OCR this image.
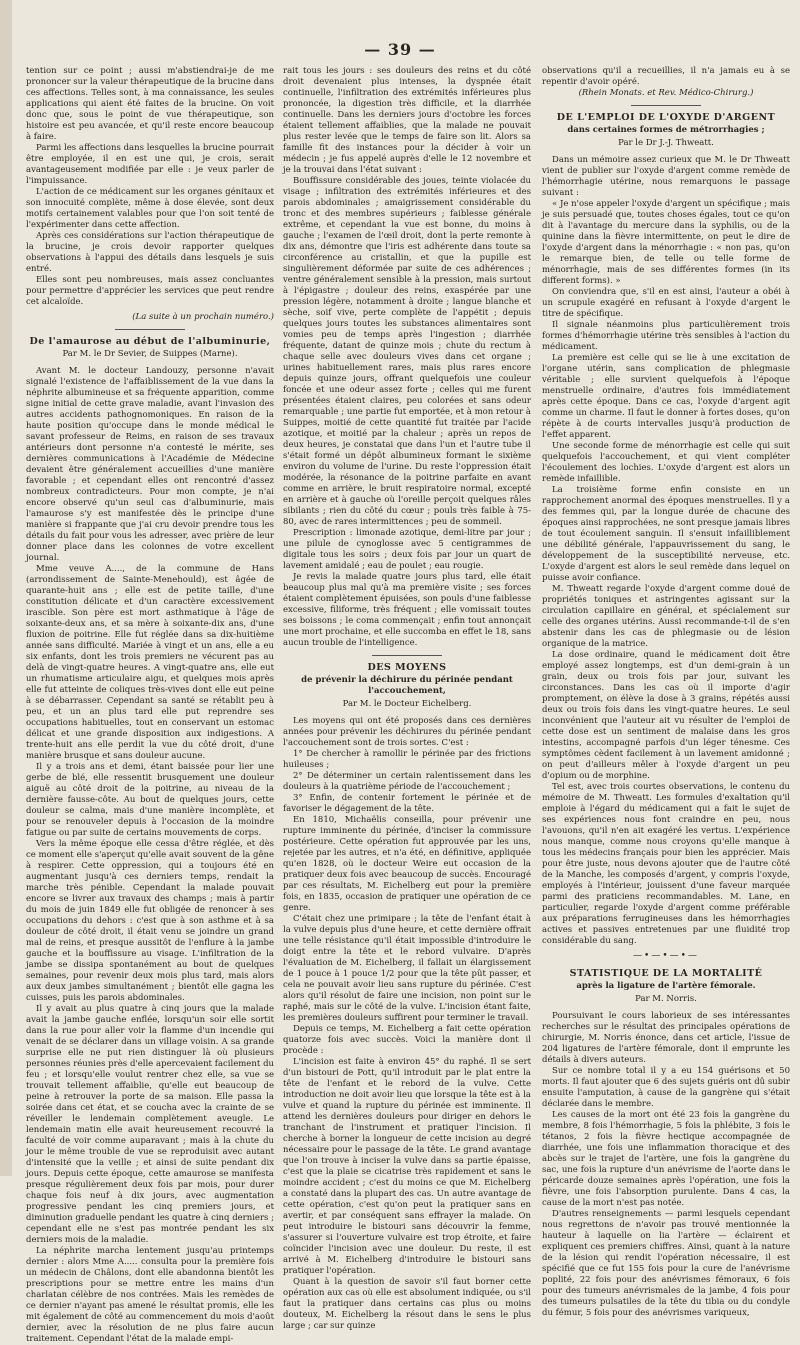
— 39 —

tention sur ce point ; aussi m'abstiendrai-je de me prononcer sur la valeur thérapeutique de la brucine dans ces affections. Telles sont, à ma connaissance, les seules applications qui aient été faites de la brucine. On voit donc que, sous le point de vue thérapeutique, son histoire est peu avancée, et qu'il reste encore beaucoup à faire.

Parmi les affections dans lesquelles la brucine pourrait être employée, il en est une qui, je crois, serait avantageusement modifiée par elle : je veux parler de l'impuissance.

L'action de ce médicament sur les organes génitaux et son innocuité complète, même à dose élevée, sont deux motifs certainement valables pour que l'on soit tenté de l'expérimenter dans cette affection.

Après ces considérations sur l'action thérapeutique de la brucine, je crois devoir rapporter quelques observations à l'appui des détails dans lesquels je suis entré.

Elles sont peu nombreuses, mais assez concluantes pour permettre d'apprécier les services que peut rendre cet alcaloïde.

(La suite à un prochain numéro.)
De l'amaurose au début de l'albuminurie,
Par M. le Dr Sevier, de Suippes (Marne).

Avant M. le docteur Landouzy, personne n'avait signalé l'existence de l'affaiblissement de la vue dans la néphrite albumineuse et sa fréquente apparition, comme signe initial de cette grave maladie, avant l'invasion des autres accidents pathognomoniques. En raison de la haute position qu'occupe dans le monde médical le savant professeur de Reims, en raison de ses travaux antérieurs dont personne n'a contesté le mérite, ses dernières communications à l'Académie de Médecine devaient être généralement accueillies d'une manière favorable ; et cependant elles ont rencontré d'assez nombreux contradicteurs. Pour mon compte, je n'ai encore observé qu'un seul cas d'albuminurie, mais l'amaurose s'y est manifestée dès le principe d'une manière si frappante que j'ai cru devoir prendre tous les détails du fait pour vous les adresser, avec prière de leur donner place dans les colonnes de votre excellent journal.

Mme veuve A...., de la commune de Hans (arrondissement de Sainte-Menehould), est âgée de quarante-huit ans ; elle est de petite taille, d'une constitution délicate et d'un caractère excessivement irascible. Son père est mort asthmatique à l'âge de soixante-deux ans, et sa mère à soixante-dix ans, d'une fluxion de poitrine. Elle fut réglée dans sa dix-huitième année sans difficulté. Mariée à vingt et un ans, elle a eu six enfants, dont les trois premiers ne vécurent pas au delà de vingt-quatre heures. A vingt-quatre ans, elle eut un rhumatisme articulaire aigu, et quelques mois après elle fut atteinte de coliques très-vives dont elle eut peine à se débarrasser. Cependant sa santé se rétablit peu à peu, et un an plus tard elle put reprendre ses occupations habituelles, tout en conservant un estomac délicat et une grande disposition aux indigestions. A trente-huit ans elle perdit la vue du côté droit, d'une manière brusque et sans douleur aucune.

Il y a trois ans et demi, étant baissée pour lier une gerbe de blé, elle ressentit brusquement une douleur aiguë au côté droit de la poitrine, au niveau de la dernière fausse-côte. Au bout de quelques jours, cette douleur se calma, mais d'une manière incomplète, et pour se renouveler depuis à l'occasion de la moindre fatigue ou par suite de certains mouvements de corps.

Vers la même époque elle cessa d'être réglée, et dès ce moment elle s'aperçut qu'elle avait souvent de la gêne à respirer. Cette oppression, qui a toujours été en augmentant jusqu'à ces derniers temps, rendait la marche très pénible. Cependant la malade pouvait encore se livrer aux travaux des champs ; mais à partir du mois de juin 1849 elle fut obligée de renoncer à ses occupations du dehors : c'est que à son asthme et à sa douleur de côté droit, il était venu se joindre un grand mal de reins, et presque aussitôt de l'enflure à la jambe gauche et la bouffissure au visage. L'infiltration de la jambe se dissipa spontanément au bout de quelques semaines, pour revenir deux mois plus tard, mais alors aux deux jambes simultanément ; bientôt elle gagna les cuisses, puis les parois abdominales.

Il y avait au plus quatre à cinq jours que la malade avait la jambe gauche enflée, lorsqu'un soir elle sortit dans la rue pour aller voir la flamme d'un incendie qui venait de se déclarer dans un village voisin. A sa grande surprise elle ne put rien distinguer là où plusieurs personnes réunies près d'elle apercevaient facilement du feu ; et lorsqu'elle voulut rentrer chez elle, sa vue se trouvait tellement affaiblie, qu'elle eut beaucoup de peine à retrouver la porte de sa maison. Elle passa la soirée dans cet état, et se coucha avec la crainte de se réveiller le lendemain complètement aveugle. Le lendemain matin elle avait heureusement recouvré la faculté de voir comme auparavant ; mais à la chute du jour le même trouble de vue se reproduisit avec autant d'intensité que la veille ; et ainsi de suite pendant dix jours. Depuis cette époque, cette amaurose se manifesta presque régulièrement deux fois par mois, pour durer chaque fois neuf à dix jours, avec augmentation progressive pendant les cinq premiers jours, et diminution graduelle pendant les quatre à cinq derniers ; cependant elle ne s'est pas montrée pendant les six derniers mois de la maladie.

La néphrite marcha lentement jusqu'au printemps dernier : alors Mme A..... consulta pour la première fois un médecin de Châlons, dont elle abandonna bientôt les prescriptions pour se mettre entre les mains d'un charlatan célèbre de nos contrées. Mais les remèdes de ce dernier n'ayant pas amené le résultat promis, elle les mit également de côté au commencement du mois d'août dernier, avec la résolution de ne plus faire aucun traitement. Cependant l'état de la malade empi-

rait tous les jours : ses douleurs des reins et du côté droit devenaient plus intenses, la dyspnée était continuelle, l'infiltration des extrémités inférieures plus prononcée, la digestion très difficile, et la diarrhée continuelle. Dans les derniers jours d'octobre les forces étaient tellement affaiblies, que la malade ne pouvait plus rester levée que le temps de faire son lit. Alors sa famille fit des instances pour la décider à voir un médecin ; je fus appelé auprès d'elle le 12 novembre et je la trouvai dans l'état suivant :

Bouffissure considérable des joues, teinte violacée du visage ; infiltration des extrémités inférieures et des parois abdominales ; amaigrissement considérable du tronc et des membres supérieurs ; faiblesse générale extrême, et cependant la vue est bonne, du moins à gauche ; l'examen de l'œil droit, dont la perte remonte à dix ans, démontre que l'iris est adhérente dans toute sa circonférence au cristallin, et que la pupille est singulièrement déformée par suite de ces adhérences ; ventre généralement sensible à la pression, mais surtout à l'épigastre ; douleur des reins, exaspérée par une pression légère, notamment à droite ; langue blanche et sèche, soif vive, perte complète de l'appétit ; depuis quelques jours toutes les substances alimentaires sont vomies peu de temps après l'ingestion ; diarrhée fréquente, datant de quinze mois ; chute du rectum à chaque selle avec douleurs vives dans cet organe ; urines habituellement rares, mais plus rares encore depuis quinze jours, offrant quelquefois une couleur foncée et une odeur assez forte ; celles qui me furent présentées étaient claires, peu colorées et sans odeur remarquable ; une partie fut emportée, et à mon retour à Suippes, moitié de cette quantité fut traitée par l'acide azotique, et moitié par la chaleur ; après un repos de deux heures, je constatai que dans l'un et l'autre tube il s'était formé un dépôt albumineux formant le sixième environ du volume de l'urine. Du reste l'oppression était modérée, la résonance de la poitrine parfaite en avant comme en arrière, le bruit respiratoire normal, excepté en arrière et à gauche où l'oreille perçoit quelques râles sibilants ; rien du côté du cœur ; pouls très faible à 75-80, avec de rares intermittences ; peu de sommeil.

Prescription : limonade azotique, demi-litre par jour ; une pilule de cynoglosse avec 5 centigrammes de digitale tous les soirs ; deux fois par jour un quart de lavement amidalé ; eau de poulet ; eau rougie.

Je revis la malade quatre jours plus tard, elle était beaucoup plus mal qu'à ma première visite ; ses forces étaient complètement épuisées, son pouls d'une faiblesse excessive, filiforme, très fréquent ; elle vomissait toutes ses boissons ; le coma commençait ; enfin tout annonçait une mort prochaine, et elle succomba en effet le 18, sans aucun trouble de l'intelligence.

DES MOYENS
de prévenir la déchirure du périnée pendant l'accouchement,
Par M. le Docteur Eichelberg.

Les moyens qui ont été proposés dans ces dernières années pour prévenir les déchirures du périnée pendant l'accouchement sont de trois sortes. C'est :

1° De chercher à ramollir le périnée par des frictions huileuses ;

2° De déterminer un certain ralentissement dans les douleurs à la quatrième période de l'accouchement ;

3° Enfin, de contenir fortement le périnée et de favoriser le dégagement de la tête.

En 1810, Michaëlis conseilla, pour prévenir une rupture imminente du périnée, d'inciser la commissure postérieure. Cette opération fut approuvée par les uns, rejetée par les autres, et n'a été, en définitive, appliquée qu'en 1828, où le docteur Weire eut occasion de la pratiquer deux fois avec beaucoup de succès. Encouragé par ces résultats, M. Eichelberg eut pour la première fois, en 1835, occasion de pratiquer une opération de ce genre.

C'était chez une primipare ; la tête de l'enfant était à la vulve depuis plus d'une heure, et cette dernière offrait une telle résistance qu'il était impossible d'introduire le doigt entre la tête et le rebord vulvaire. D'après l'évaluation de M. Eichelberg, il fallait un élargissement de 1 pouce à 1 pouce 1/2 pour que la tête pût passer, et cela ne pouvait avoir lieu sans rupture du périnée. C'est alors qu'il résolut de faire une incision, non point sur le raphé, mais sur le côté de la vulve. L'incision étant faite, les premières douleurs suffirent pour terminer le travail.

Depuis ce temps, M. Eichelberg a fait cette opération quatorze fois avec succès. Voici la manière dont il procède :

L'incision est faite à environ 45° du raphé. Il se sert d'un bistouri de Pott, qu'il introduit par le plat entre la tête de l'enfant et le rebord de la vulve. Cette introduction ne doit avoir lieu que lorsque la tête est à la vulve et quand la rupture du périnée est imminente. Il attend les dernières douleurs pour diriger en dehors le tranchant de l'instrument et pratiquer l'incision. Il cherche à borner la longueur de cette incision au degré nécessaire pour le passage de la tête. Le grand avantage que l'on trouve à inciser la vulve dans sa partie épaisse, c'est que la plaie se cicatrise très rapidement et sans le moindre accident ; c'est du moins ce que M. Eichelberg a constaté dans la plupart des cas. Un autre avantage de cette opération, c'est qu'on peut la pratiquer sans en avertir, et par conséquent sans effrayer la malade. On peut introduire le bistouri sans découvrir la femme, s'assurer si l'ouverture vulvaire est trop étroite, et faire coïncider l'incision avec une douleur. Du reste, il est arrivé à M. Eichelberg d'introduire le bistouri sans pratiquer l'opération.

Quant à la question de savoir s'il faut borner cette opération aux cas où elle est absolument indiquée, ou s'il faut la pratiquer dans certains cas plus ou moins douteux, M. Eichelberg la résout dans le sens le plus large ; car sur quinze

observations qu'il a recueillies, il n'a jamais eu à se repentir d'avoir opéré.

(Rhein Monats. et Rev. Médico-Chirurg.)
DE L'EMPLOI DE L'OXYDE D'ARGENT
dans certaines formes de métrorrhagies ;
Par le Dr J.-J. Thweatt.

Dans un mémoire assez curieux que M. le Dr Thweatt vient de publier sur l'oxyde d'argent comme remède de l'hémorrhagie utérine, nous remarquons le passage suivant :

« Je n'ose appeler l'oxyde d'argent un spécifique ; mais je suis persuadé que, toutes choses égales, tout ce qu'on dit à l'avantage du mercure dans la syphilis, ou de la quinine dans la fièvre intermittente, on peut le dire de l'oxyde d'argent dans la ménorrhagie : « non pas, qu'on le remarque bien, de telle ou telle forme de ménorrhagie, mais de ses différentes formes (in its different forms). »

On conviendra que, s'il en est ainsi, l'auteur a obéi à un scrupule exagéré en refusant à l'oxyde d'argent le titre de spécifique.

Il signale néanmoins plus particulièrement trois formes d'hémorrhagie utérine très sensibles à l'action du médicament.

La première est celle qui se lie à une excitation de l'organe utérin, sans complication de phlegmasie véritable ; elle survient quelquefois à l'époque menstruelle ordinaire, d'autres fois immédiatement après cette époque. Dans ce cas, l'oxyde d'argent agit comme un charme. Il faut le donner à fortes doses, qu'on répète à de courts intervalles jusqu'à production de l'effet apparent.

Une seconde forme de ménorrhagie est celle qui suit quelquefois l'accouchement, et qui vient compléter l'écoulement des lochies. L'oxyde d'argent est alors un remède infaillible.

La troisième forme enfin consiste en un rapprochement anormal des époques menstruelles. Il y a des femmes qui, par la longue durée de chacune des époques ainsi rapprochées, ne sont presque jamais libres de tout écoulement sanguin. Il s'ensuit infailliblement une débilité générale, l'appauvrissement du sang, le développement de la susceptibilité nerveuse, etc. L'oxyde d'argent est alors le seul remède dans lequel on puisse avoir confiance.

M. Thweatt regarde l'oxyde d'argent comme doué de propriétés toniques et astringentes agissant sur la circulation capillaire en général, et spécialement sur celle des organes utérins. Aussi recommande-t-il de s'en abstenir dans les cas de phlegmasie ou de lésion organique de la matrice.

La dose ordinaire, quand le médicament doit être employé assez longtemps, est d'un demi-grain à un grain, deux ou trois fois par jour, suivant les circonstances. Dans les cas où il importe d'agir promptement, on élève la dose à 3 grains, répétés aussi deux ou trois fois dans les vingt-quatre heures. Le seul inconvénient que l'auteur ait vu résulter de l'emploi de cette dose est un sentiment de malaise dans les gros intestins, accompagné parfois d'un léger ténesme. Ces symptômes cèdent facilement à un lavement amidonné ; on peut d'ailleurs mêler à l'oxyde d'argent un peu d'opium ou de morphine.

Tel est, avec trois courtes observations, le contenu du mémoire de M. Thweatt. Les formules d'exaltation qu'il emploie à l'égard du médicament qui a fait le sujet de ses expériences nous font craindre en peu, nous l'avouons, qu'il n'en ait exagéré les vertus. L'expérience nous manque, comme nous croyons qu'elle manque à tous les médecins français pour bien les apprécier. Mais pour être juste, nous devons ajouter que de l'autre côté de la Manche, les composés d'argent, y compris l'oxyde, employés à l'intérieur, jouissent d'une faveur marquée parmi des praticiens recommandables. M. Lane, en particulier, regarde l'oxyde d'argent comme préférable aux préparations ferrugineuses dans les hémorrhagies actives et passives entretenues par une fluidité trop considérable du sang.

—•—•—•—
STATISTIQUE DE LA MORTALITÉ
après la ligature de l'artère fémorale.
Par M. Norris.

Poursuivant le cours laborieux de ses intéressantes recherches sur le résultat des principales opérations de chirurgie, M. Norris énonce, dans cet article, l'issue de 204 ligatures de l'artère fémorale, dont il emprunte les détails à divers auteurs.

Sur ce nombre total il y a eu 154 guérisons et 50 morts. Il faut ajouter que 6 des sujets guéris ont dû subir ensuite l'amputation, à cause de la gangrène qui s'était déclarée dans le membre.

Les causes de la mort ont été 23 fois la gangrène du membre, 8 fois l'hémorrhagie, 5 fois la phlébite, 3 fois le tétanos, 2 fois la fièvre hectique accompagnée de diarrhée, une fois une inflammation thoracique et des abcès sur le trajet de l'artère, une fois la gangrène du sac, une fois la rupture d'un anévrisme de l'aorte dans le péricarde douze semaines après l'opération, une fois la fièvre, une fois l'absorption purulente. Dans 4 cas, la cause de la mort n'est pas notée.

D'autres renseignements — parmi lesquels cependant nous regrettons de n'avoir pas trouvé mentionnée la hauteur à laquelle on lia l'artère — éclairent et expliquent ces premiers chiffres. Ainsi, quant à la nature de la lésion qui rendit l'opération nécessaire, il est spécifié que ce fut 155 fois pour la cure de l'anévrisme poplité, 22 fois pour des anévrismes fémoraux, 6 fois pour des tumeurs anévrismales de la jambe, 4 fois pour des tumeurs pulsatiles de la tête du tibia ou du condyle du fémur, 5 fois pour des anévrismes variqueux,
